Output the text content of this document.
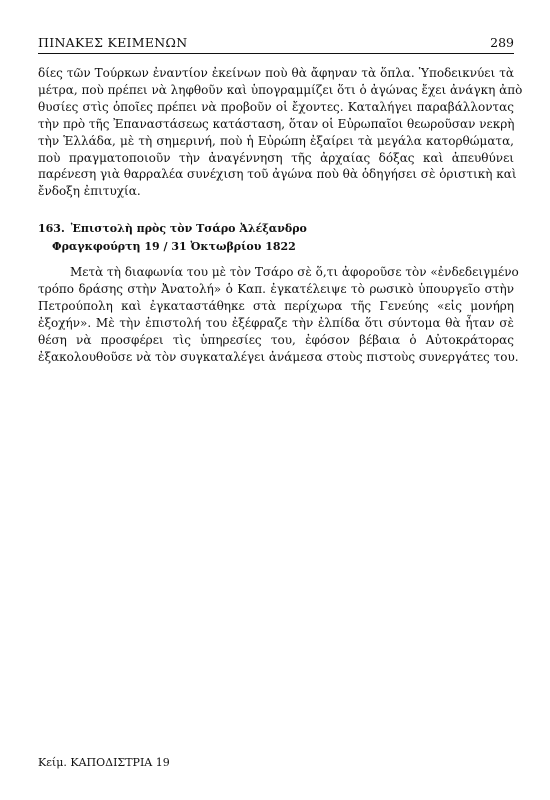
ΠΙΝΑΚΕΣ ΚΕΙΜΕΝΩΝ	289
δίες τῶν Τούρκων ἐναντίον ἐκείνων ποὺ θὰ ἄφηναν τὰ ὅπλα. Ὑποδεικνύει τὰ
μέτρα, ποὺ πρέπει νὰ ληφθοῦν καὶ ὑπογραμμίζει ὅτι ὁ ἀγώνας ἔχει ἀνάγκη ἀπὸ
θυσίες στὶς ὁποῖες πρέπει νὰ προβοῦν οἱ ἔχοντες. Καταλήγει παραβάλλοντας
τὴν πρὸ τῆς Ἐπαναστάσεως κατάσταση, ὅταν οἱ Εὐρωπαῖοι θεωροῦσαν νεκρὴ
τὴν Ἑλλάδα, μὲ τὴ σημερινή, ποὺ ἡ Εὐρώπη ἐξαίρει τὰ μεγάλα κατορθώματα,
ποὺ πραγματοποιοῦν τὴν ἀναγέννηση τῆς ἀρχαίας δόξας καὶ ἀπευθύνει
παρένεση γιὰ θαρραλέα συνέχιση τοῦ ἀγώνα ποὺ θὰ ὁδηγήσει σὲ ὁριστικὴ καὶ
ἔνδοξη ἐπιτυχία.
163. Ἐπιστολὴ πρὸς τὸν Τσάρο Ἀλέξανδρο
Φραγκφούρτη 19 / 31 Ὀκτωβρίου 1822
Μετὰ τὴ διαφωνία του μὲ τὸν Τσάρο σὲ ὅ,τι ἀφοροῦσε τὸν «ἐνδεδειγμένο
τρόπο δράσης στὴν Ἀνατολή» ὁ Καπ. ἐγκατέλειψε τὸ ρωσικὸ ὑπουργεῖο στὴν
Πετρούπολη καὶ ἐγκαταστάθηκε στὰ περίχωρα τῆς Γενεύης «εἰς μονήρη
ἐξοχήν». Μὲ τὴν ἐπιστολή του ἐξέφραζε τὴν ἐλπίδα ὅτι σύντομα θὰ ἦταν σὲ
θέση νὰ προσφέρει τὶς ὑπηρεσίες του, ἐφόσον βέβαια ὁ Αὐτοκράτορας
ἐξακολουθοῦσε νὰ τὸν συγκαταλέγει ἀνάμεσα στοὺς πιστοὺς συνεργάτες του.
Κείμ. ΚΑΠΟΔΙΣΤΡΙΑ 19
